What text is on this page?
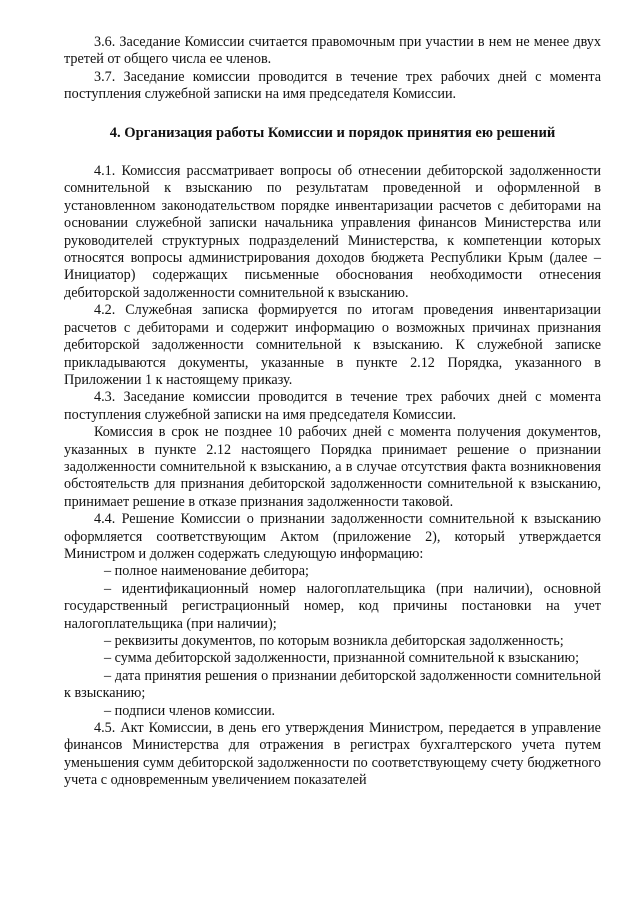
3.6. Заседание Комиссии считается правомочным при участии в нем не менее двух третей от общего числа ее членов.

3.7. Заседание комиссии проводится в течение трех рабочих дней с момента поступления служебной записки на имя председателя Комиссии.

4. Организация работы Комиссии и порядок принятия ею решений

4.1. Комиссия рассматривает вопросы об отнесении дебиторской задолженности сомнительной к взысканию по результатам проведенной и оформленной в установленном законодательством порядке инвентаризации расчетов с дебиторами на основании служебной записки начальника управления финансов Министерства или руководителей структурных подразделений Министерства, к компетенции которых относятся вопросы администрирования доходов бюджета Республики Крым (далее – Инициатор) содержащих письменные обоснования необходимости отнесения дебиторской задолженности сомнительной к взысканию.

4.2. Служебная записка формируется по итогам проведения инвентаризации расчетов с дебиторами и содержит информацию о возможных причинах признания дебиторской задолженности сомнительной к взысканию. К служебной записке прикладываются документы, указанные в пункте 2.12 Порядка, указанного в Приложении 1 к настоящему приказу.

4.3. Заседание комиссии проводится в течение трех рабочих дней с момента поступления служебной записки на имя председателя Комиссии.

Комиссия в срок не позднее 10 рабочих дней с момента получения документов, указанных в пункте 2.12 настоящего Порядка принимает решение о признании задолженности сомнительной к взысканию, а в случае отсутствия факта возникновения обстоятельств для признания дебиторской задолженности сомнительной к взысканию, принимает решение в отказе признания задолженности таковой.

4.4. Решение Комиссии о признании задолженности сомнительной к взысканию оформляется соответствующим Актом (приложение 2), который утверждается Министром и должен содержать следующую информацию:

– полное наименование дебитора;

– идентификационный номер налогоплательщика (при наличии), основной государственный регистрационный номер, код причины постановки на учет налогоплательщика (при наличии);

– реквизиты документов, по которым возникла дебиторская задолженность;

– сумма дебиторской задолженности, признанной сомнительной к взысканию;

– дата принятия решения о признании дебиторской задолженности сомнительной к взысканию;

– подписи членов комиссии.

4.5. Акт Комиссии, в день его утверждения Министром, передается в управление финансов Министерства для отражения в регистрах бухгалтерского учета путем уменьшения сумм дебиторской задолженности по соответствующему счету бюджетного учета с одновременным увеличением показателей
